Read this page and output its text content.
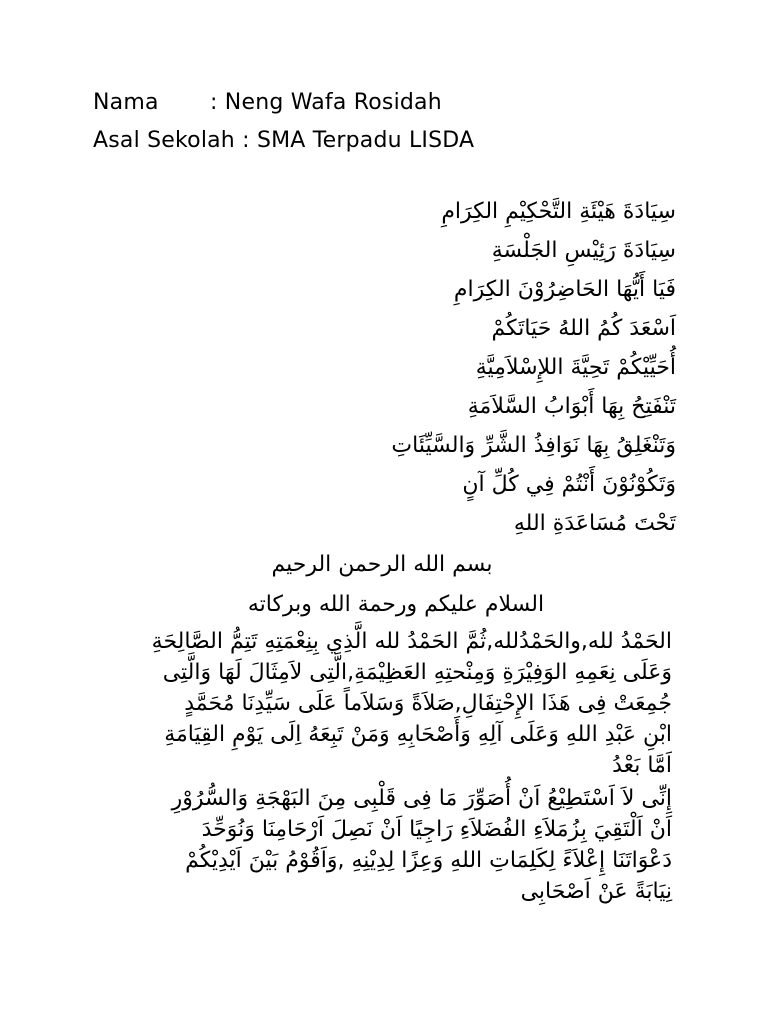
Nama : Neng Wafa Rosidah
Asal Sekolah : SMA Terpadu LISDA
سِيَادَةَ هَيْئَةِ التَّحْكِيْمِ الكِرَامِ
سِيَادَةَ رَئِيْسِ الجَلْسَةِ
فَيَا أَيُّهَا الحَاضِرُوْنَ الكِرَامِ
اَسْعَدَ كُمُ اللهُ حَيَاتَكُمْ
أُحَيِّيْكُمْ تَحِيَّةَ اللإِسْلاَمِيَّةِ
تَنْفَتِحُ بِهَا أَبْوَابُ السَّلاَمَةِ
وَتَنْغَلِقُ بِهَا نَوَافِذُ الشَّرِّ وَالسَّيِّئَاتِ
وَتَكُوْنُوْنَ أَنْتُمْ فِي كُلِّ آنٍ
تَحْتَ مُسَاعَدَةِ اللهِ
بسم الله الرحمن الرحيم
السلام عليكم ورحمة الله وبركاته
الحَمْدُ لله,والحَمْدُلله,ثُمَّ الحَمْدُ لله الَّذِي بِنِعْمَتِهِ تَتِمُّ الصَّالِحَةِ
وَعَلَى نِعَمِهِ الوَفِيْرَةِ وَمِنْحتِهِ العَظِيْمَةِ,الَّتِى لاَمِثَالَ لَهَا وَالَّتِى
جُمِعَتْ فِى هَذَا الإِحْتِفَالِ,صَلاَةً وَسَلاَماً عَلَى سَيِّدِنَا مُحَمَّدٍ
ابْنِ عَبْدِ اللهِ وَعَلَى آلِهِ وَأَصْحَابِهِ وَمَنْ تَبِعَهُ اِلَى يَوْمِ القِيَامَةِ
اَمَّا بَعْدُ
إِنِّى لاَ اَسْتَطِيْعُ اَنْ أُصَوِّرَ مَا فِى قَلْبِى مِنَ البَهْجَةِ وَالسُّرُوْرِ
اَنْ اَلْتَقِيَ بِزُمَلاَءِ الفُضَلاَءِ رَاجِيًا اَنْ نَصِلَ اَرْحَامِنَا وَنُوَحِّدَ
دَعْوَاتَنَا إِعْلاَءً لِكَلِمَاتِ اللهِ وَعِزًا لِدِيْنِهِ ,وَاَقُوْمُ بَيْنَ اَيْدِيْكُمْ
نِيَابَةً عَنْ اَصْحَابِى
